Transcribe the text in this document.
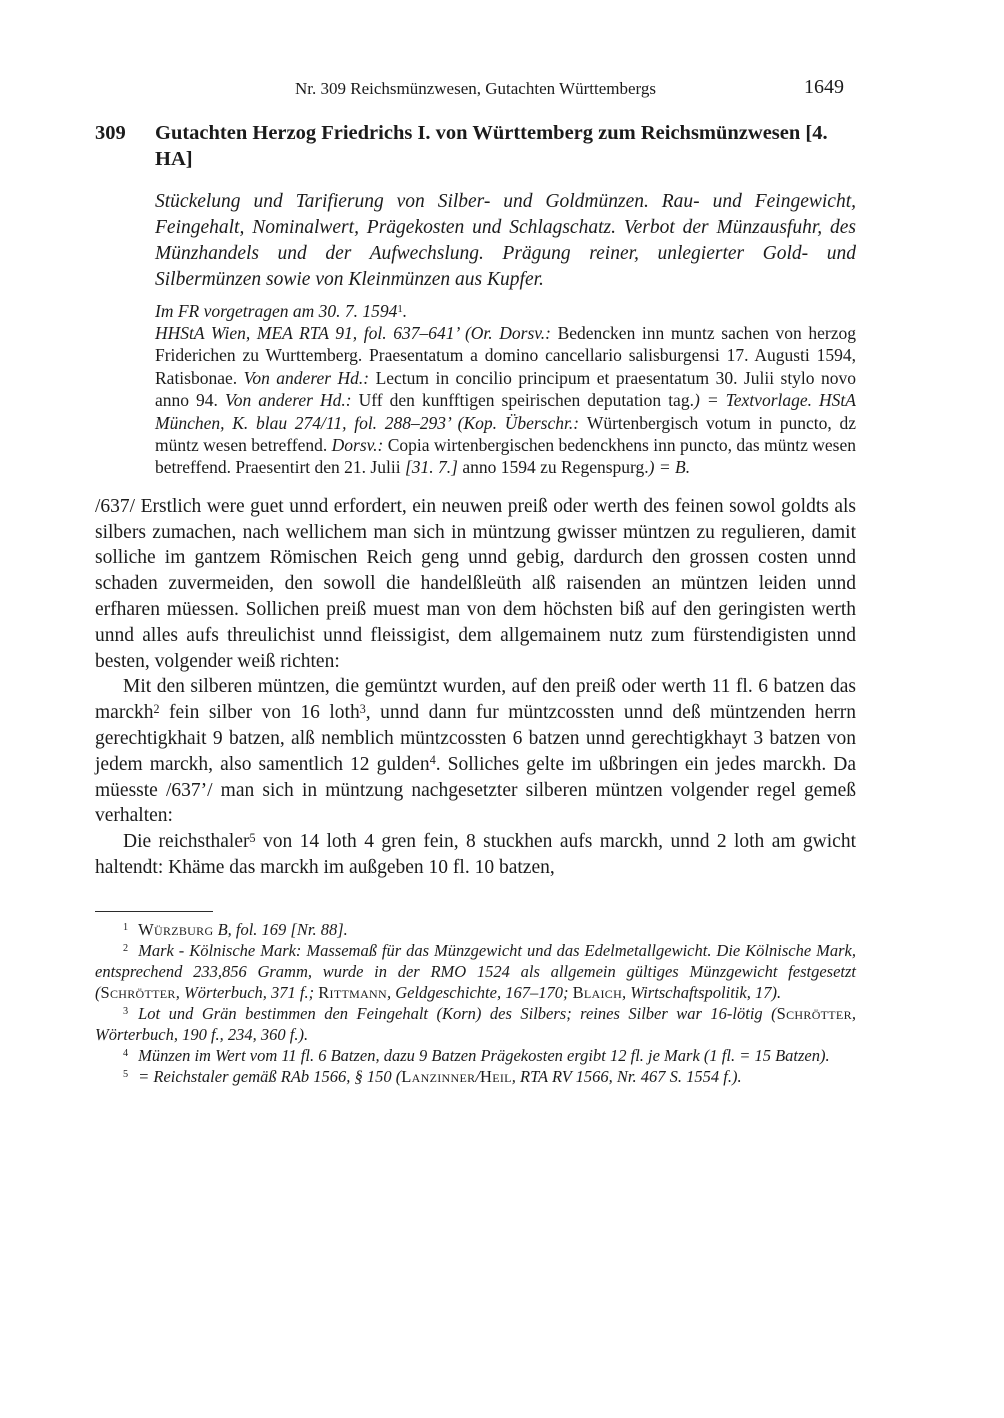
Nr. 309 Reichsmünzwesen, Gutachten Württembergs	1649
309	Gutachten Herzog Friedrichs I. von Württemberg zum Reichsmünzwesen [4. HA]

Stückelung und Tarifierung von Silber- und Goldmünzen. Rau- und Feingewicht, Feingehalt, Nominalwert, Prägekosten und Schlagschatz. Verbot der Münzausfuhr, des Münzhandels und der Aufwechslung. Prägung reiner, unlegierter Gold- und Silbermünzen sowie von Kleinmünzen aus Kupfer.

Im FR vorgetragen am 30. 7. 1594$^1$.

HHStA Wien, MEA RTA 91, fol. 637–641’ (Or. Dorsv.: Bedencken inn muntz sachen von herzog Friderichen zu Wurttemberg. Praesentatum a domino cancellario salisburgensi 17. Augusti 1594, Ratisbonae. Von anderer Hd.: Lectum in concilio principum et praesentatum 30. Julii stylo novo anno 94. Von anderer Hd.: Uff den kunfftigen speirischen deputation tag.) = Textvorlage. HStA München, K. blau 274/11, fol. 288–293’ (Kop. Überschr.: Würtenbergisch votum in puncto, dz müntz wesen betreffend. Dorsv.: Copia wirtenbergischen bedenckhens inn puncto, das müntz wesen betreffend. Praesentirt den 21. Julii [31. 7.] anno 1594 zu Regenspurg.) = B.

/637/ Erstlich were guet unnd erfordert, ein neuwen preiß oder werth des feinen sowol goldts als silbers zumachen, nach wellichem man sich in müntzung gwisser müntzen zu regulieren, damit solliche im gantzem Römischen Reich geng unnd gebig, dardurch den grossen costen unnd schaden zuvermeiden, den sowoll die handelßleüth alß raisenden an müntzen leiden unnd erfharen müessen. Sollichen preiß muest man von dem höchsten biß auf den geringisten werth unnd alles aufs threulichist unnd fleissigist, dem allgemainem nutz zum fürstendigisten unnd besten, volgender weiß richten:

Mit den silberen müntzen, die gemüntzt wurden, auf den preiß oder werth 11 fl. 6 batzen das marckh$^2$ fein silber von 16 loth$^3$, unnd dann fur müntzcossten unnd deß müntzenden herrn gerechtigkhait 9 batzen, alß nemblich müntzcossten 6 batzen unnd gerechtigkhayt 3 batzen von jedem marckh, also samentlich 12 gulden$^4$. Solliches gelte im ußbringen ein jedes marckh. Da müesste /637’/ man sich in müntzung nachgesetzter silberen müntzen volgender regel gemeß verhalten:

Die reichsthaler$^5$ von 14 loth 4 gren fein, 8 stuckhen aufs marckh, unnd 2 loth am gwicht haltendt: Khäme das marckh im außgeben 10 fl. 10 batzen,

$^1$ Würzburg B, fol. 169 [Nr. 88].
$^2$ Mark - Kölnische Mark: Massemaß für das Münzgewicht und das Edelmetallgewicht. Die Kölnische Mark, entsprechend 233,856 Gramm, wurde in der RMO 1524 als allgemein gültiges Münzgewicht festgesetzt (Schrötter, Wörterbuch, 371 f.; Rittmann, Geldgeschichte, 167–170; Blaich, Wirtschaftspolitik, 17).
$^3$ Lot und Grän bestimmen den Feingehalt (Korn) des Silbers; reines Silber war 16-lötig (Schrötter, Wörterbuch, 190 f., 234, 360 f.).
$^4$ Münzen im Wert vom 11 fl. 6 Batzen, dazu 9 Batzen Prägekosten ergibt 12 fl. je Mark (1 fl. = 15 Batzen).
$^5$ = Reichstaler gemäß RAb 1566, § 150 (Lanzinner/Heil, RTA RV 1566, Nr. 467 S. 1554 f.).
